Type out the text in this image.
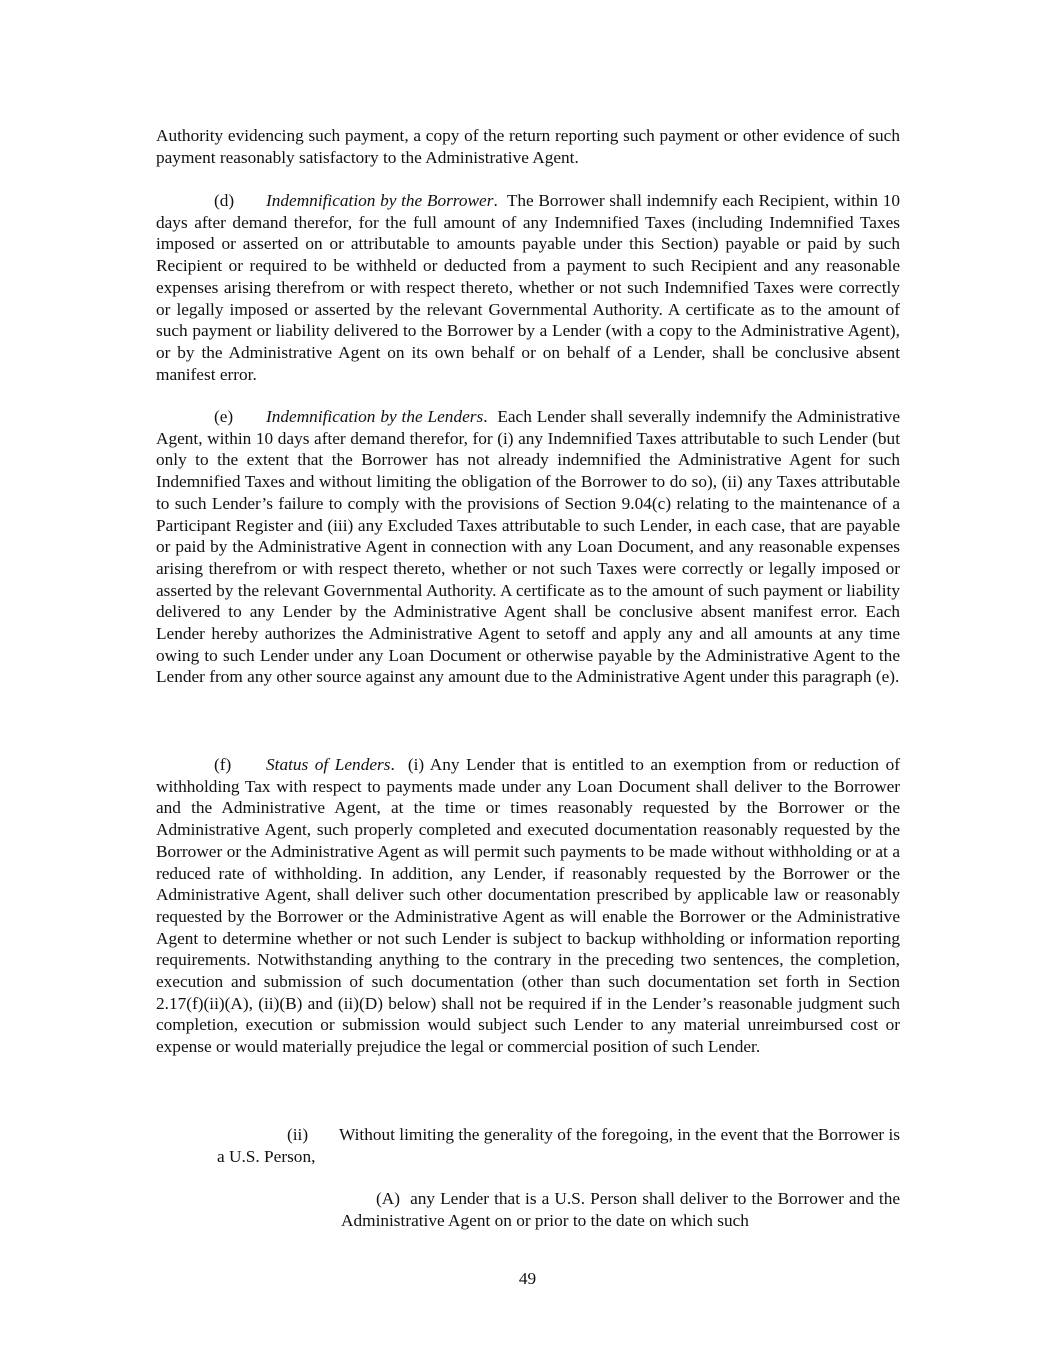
Authority evidencing such payment, a copy of the return reporting such payment or other evidence of such payment reasonably satisfactory to the Administrative Agent.

(d) Indemnification by the Borrower.  The Borrower shall indemnify each Recipient, within 10 days after demand therefor, for the full amount of any Indemnified Taxes (including Indemnified Taxes imposed or asserted on or attributable to amounts payable under this Section) payable or paid by such Recipient or required to be withheld or deducted from a payment to such Recipient and any reasonable expenses arising therefrom or with respect thereto, whether or not such Indemnified Taxes were correctly or legally imposed or asserted by the relevant Governmental Authority. A certificate as to the amount of such payment or liability delivered to the Borrower by a Lender (with a copy to the Administrative Agent), or by the Administrative Agent on its own behalf or on behalf of a Lender, shall be conclusive absent manifest error.

(e) Indemnification by the Lenders.  Each Lender shall severally indemnify the Administrative Agent, within 10 days after demand therefor, for (i) any Indemnified Taxes attributable to such Lender (but only to the extent that the Borrower has not already indemnified the Administrative Agent for such Indemnified Taxes and without limiting the obligation of the Borrower to do so), (ii) any Taxes attributable to such Lender’s failure to comply with the provisions of Section 9.04(c) relating to the maintenance of a Participant Register and (iii) any Excluded Taxes attributable to such Lender, in each case, that are payable or paid by the Administrative Agent in connection with any Loan Document, and any reasonable expenses arising therefrom or with respect thereto, whether or not such Taxes were correctly or legally imposed or asserted by the relevant Governmental Authority. A certificate as to the amount of such payment or liability delivered to any Lender by the Administrative Agent shall be conclusive absent manifest error. Each Lender hereby authorizes the Administrative Agent to setoff and apply any and all amounts at any time owing to such Lender under any Loan Document or otherwise payable by the Administrative Agent to the Lender from any other source against any amount due to the Administrative Agent under this paragraph (e).

(f) Status of Lenders.  (i) Any Lender that is entitled to an exemption from or reduction of withholding Tax with respect to payments made under any Loan Document shall deliver to the Borrower and the Administrative Agent, at the time or times reasonably requested by the Borrower or the Administrative Agent, such properly completed and executed documentation reasonably requested by the Borrower or the Administrative Agent as will permit such payments to be made without withholding or at a reduced rate of withholding. In addition, any Lender, if reasonably requested by the Borrower or the Administrative Agent, shall deliver such other documentation prescribed by applicable law or reasonably requested by the Borrower or the Administrative Agent as will enable the Borrower or the Administrative Agent to determine whether or not such Lender is subject to backup withholding or information reporting requirements. Notwithstanding anything to the contrary in the preceding two sentences, the completion, execution and submission of such documentation (other than such documentation set forth in Section 2.17(f)(ii)(A), (ii)(B) and (ii)(D) below) shall not be required if in the Lender’s reasonable judgment such completion, execution or submission would subject such Lender to any material unreimbursed cost or expense or would materially prejudice the legal or commercial position of such Lender.

(ii) Without limiting the generality of the foregoing, in the event that the Borrower is a U.S. Person,

(A) any Lender that is a U.S. Person shall deliver to the Borrower and the Administrative Agent on or prior to the date on which such

49
